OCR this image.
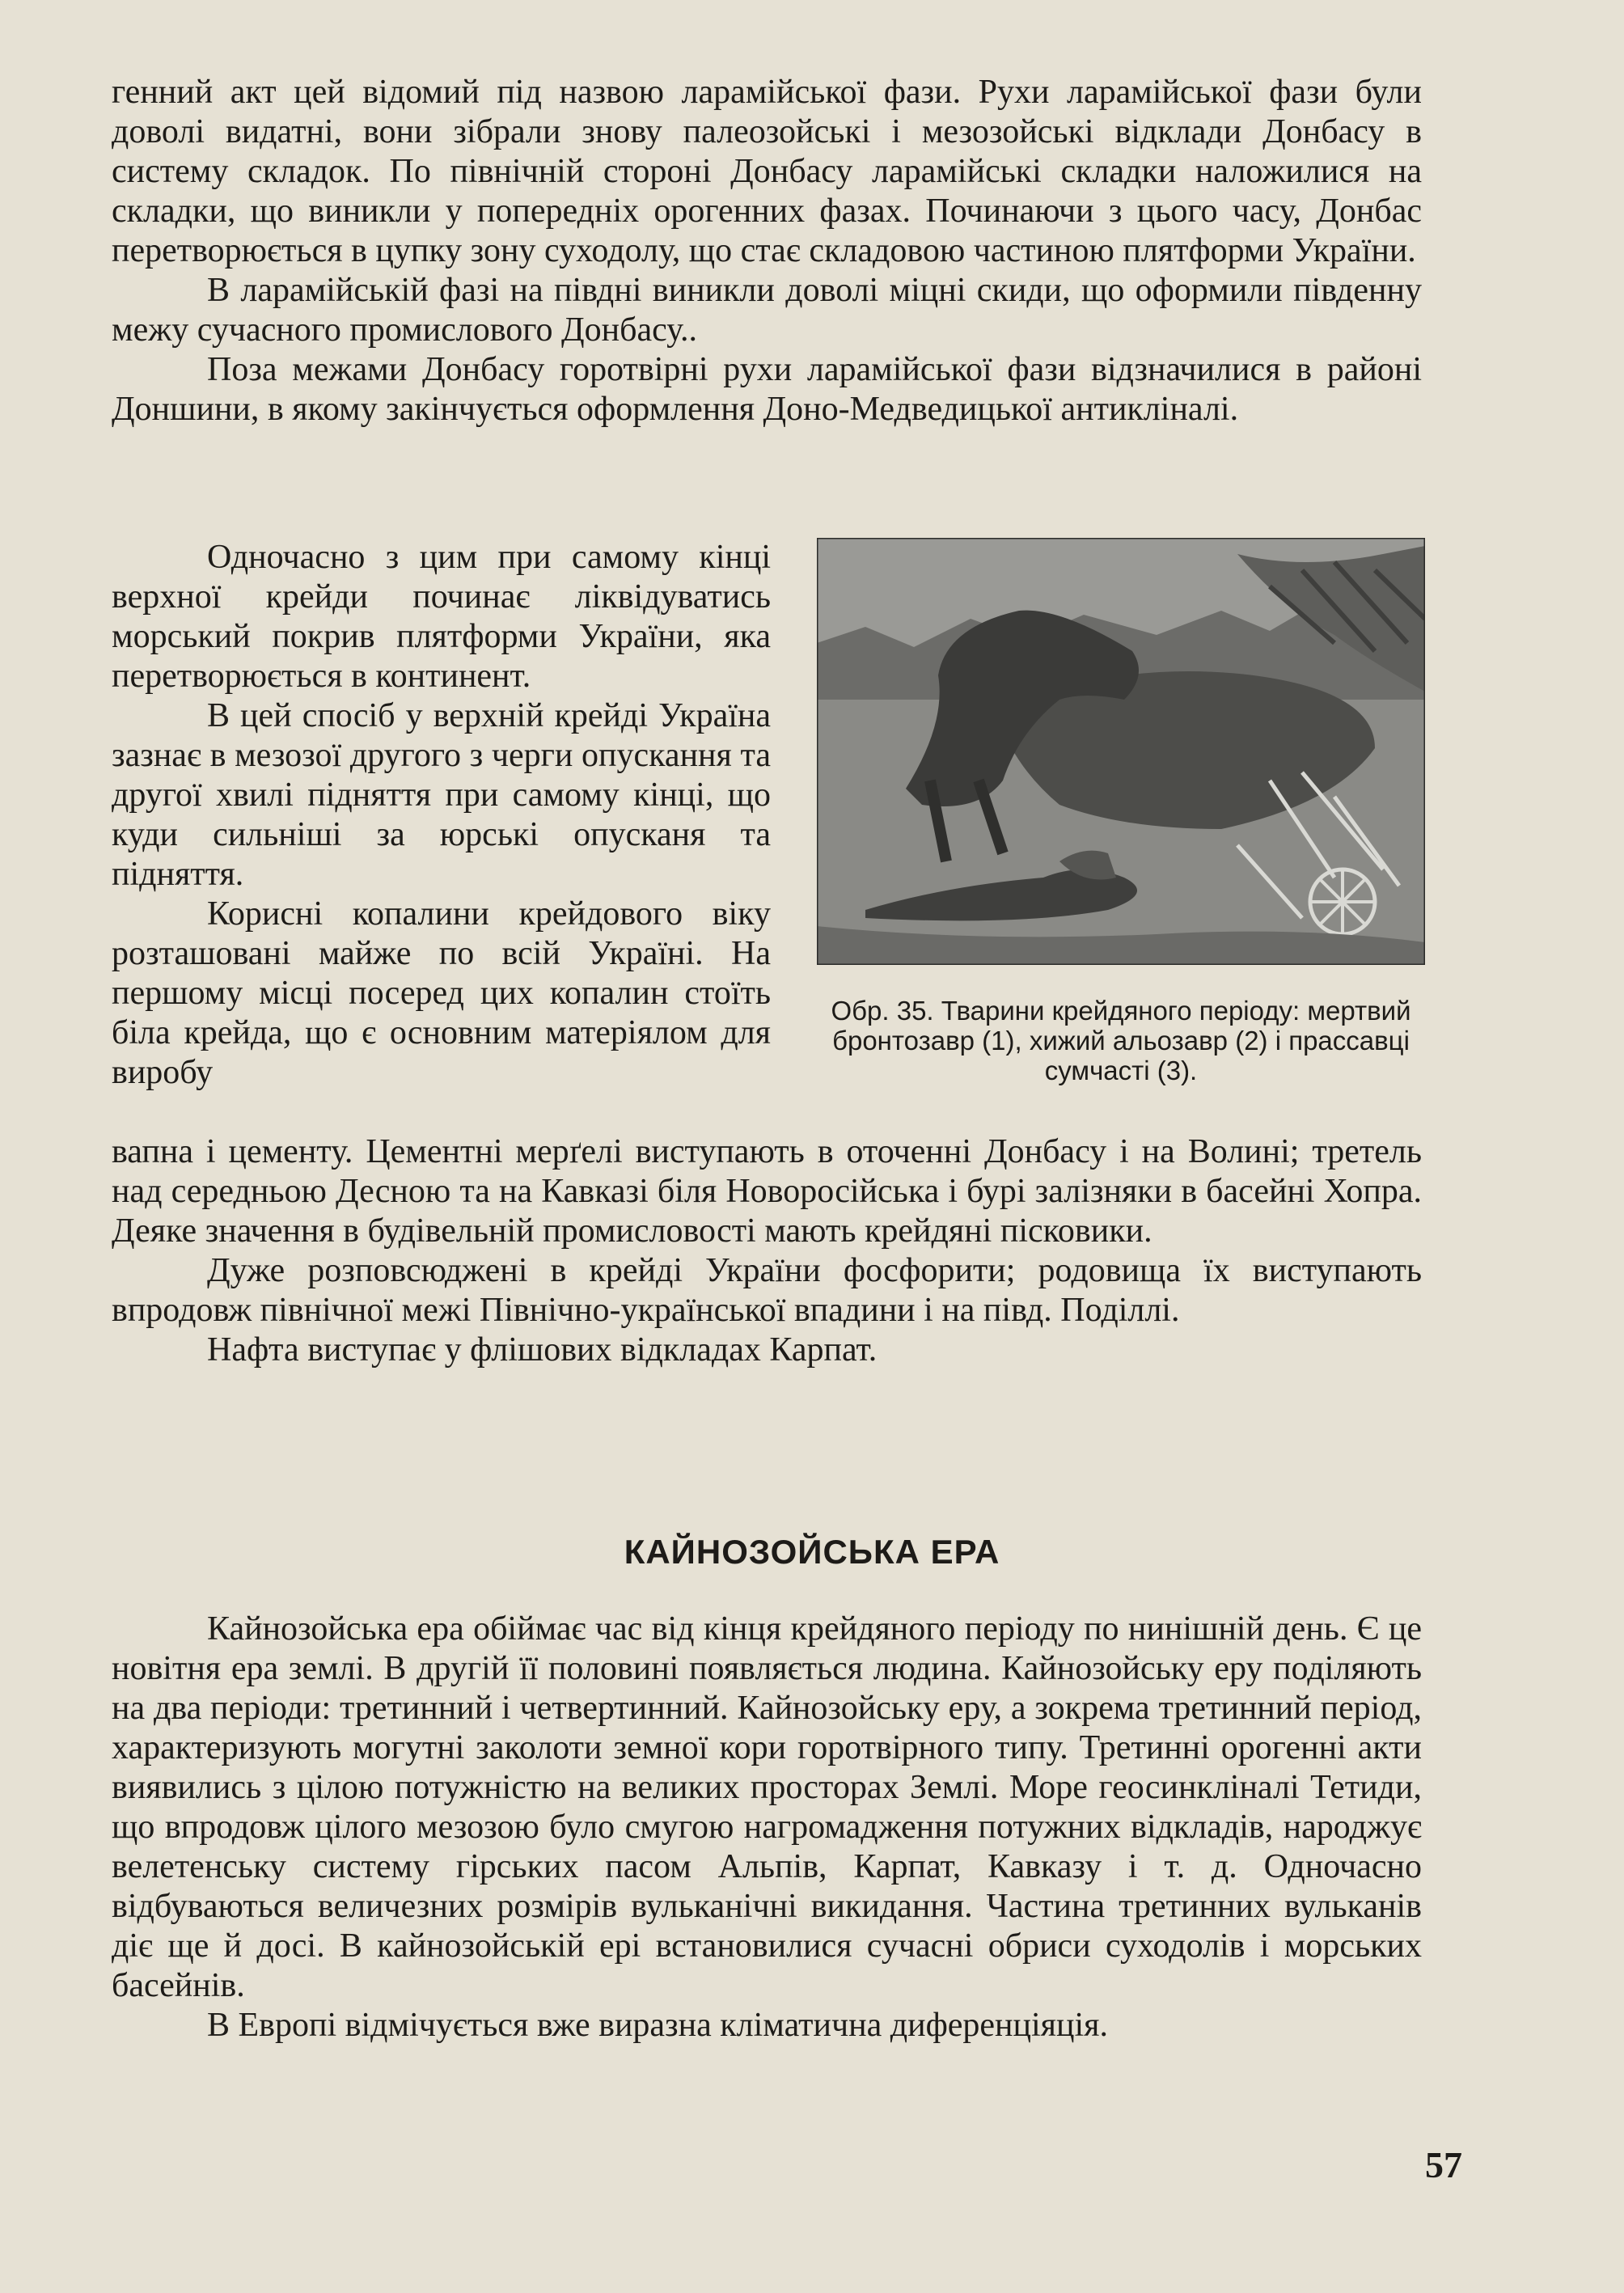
генний акт цей відомий під назвою ларамійської фази. Рухи ларамійської фази були доволі видатні, вони зібрали знову палеозойські і мезозойські відклади Донбасу в систему складок. По північній стороні Донбасу ларамійські складки наложилися на складки, що виникли у попередніх орогенних фазах. Починаючи з цього часу, Донбас перетворюється в цупку зону суходолу, що стає складовою частиною плятформи України.

В ларамійській фазі на півдні виникли доволі міцні скиди, що оформили південну межу сучасного промислового Донбасу..

Поза межами Донбасу горотвірні рухи ларамійської фази відзначилися в районі Доншини, в якому закінчується оформлення Доно-Медведицької антикліналі.

Одночасно з цим при самому кінці верхної крейди починає ліквідуватись морський покрив плятформи України, яка перетворюється в континент.

В цей спосіб у верхній крейді Україна зазнає в мезозої другого з черги опускання та другої хвилі підняття при самому кінці, що куди сильніші за юрські опусканя та підняття.

Корисні копалини крейдового віку розташовані майже по всій Україні. На першому місці посеред цих копалин стоїть біла крейда, що є основним матеріялом для виробу

Обр. 35. Тварини крейдяного періоду: мертвий бронтозавр (1), хижий альозавр (2) і прассавці сумчасті (3).

вапна і цементу. Цементні мерґелі виступають в оточенні Донбасу і на Волині; третель над середньою Десною та на Кавказі біля Новоросійська і бурі залізняки в басейні Хопра. Деяке значення в будівельній промисловості мають крейдяні пісковики.

Дуже розповсюджені в крейді України фосфорити; родовища їх виступають впродовж північної межі Північно-української впадини і на півд. Поділлі.

Нафта виступає у флішових відкладах Карпат.

КАЙНОЗОЙСЬКА ЕРА

Кайнозойська ера обіймає час від кінця крейдяного періоду по нинішній день. Є це новітня ера землі. В другій її половині появляється людина. Кайнозойську еру поділяють на два періоди: третинний і четвертинний. Кайнозойську еру, а зокрема третинний період, характеризують могутні заколоти земної кори горотвірного типу. Третинні орогенні акти виявились з цілою потужністю на великих просторах Землі. Море геосинкліналі Тетиди, що впродовж цілого мезозою було смугою нагромадження потужних відкладів, народжує велетенську систему гірських пасом Альпів, Карпат, Кавказу і т. д. Одночасно відбуваються величезних розмірів вульканічні викидання. Частина третинних вульканів діє ще й досі. В кайнозойській ері встановилися сучасні обриси суходолів і морських басейнів.

В Европі відмічується вже виразна кліматична диференціяція.

57
